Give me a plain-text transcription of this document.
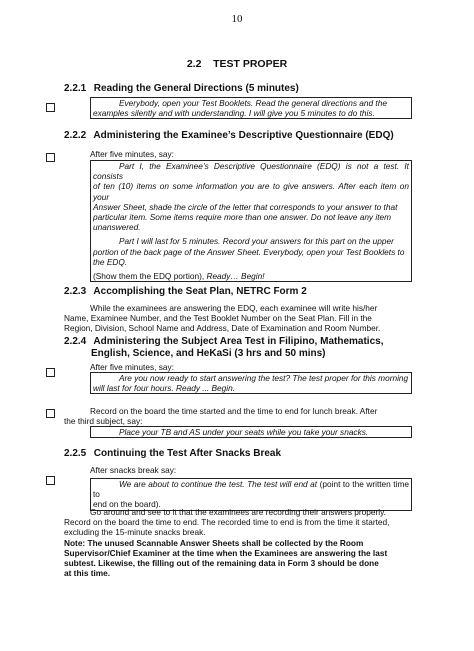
10
2.2    TEST PROPER
2.2.1 Reading the General Directions (5 minutes)

Everybody, open your Test Booklets. Read the general directions and the

examples silently and with understanding. I will give you 5 minutes to do this.

2.2.2 Administering the Examinee’s Descriptive Questionnaire (EDQ)
After five minutes, say:

Part I, the Examinee’s Descriptive Questionnaire (EDQ) is not a test. It consists

of ten (10) items on some information you are to give answers. After each item on your

Answer Sheet, shade the circle of the letter that corresponds to your answer to that

particular item. Some items require more than one answer. Do not leave any item

unanswered.

Part I will last for 5 minutes. Record your answers for this part on the upper

portion of the back page of the Answer Sheet. Everybody, open your Test Booklets to

the EDQ.

(Show them the EDQ portion), Ready… Begin!

2.2.3 Accomplishing the Seat Plan, NETRC Form 2

While the examinees are answering the EDQ, each examinee will write his/her

Name, Examinee Number, and the Test Booklet Number on the Seat Plan. Fill in the

Region, Division, School Name and Address, Date of Examination and Room Number.

2.2.4 Administering the Subject Area Test in Filipino, Mathematics,
English, Science, and HeKaSi (3 hrs and 50 mins)
After five minutes, say:

Are you now ready to start answering the test? The test proper for this morning

will last for four hours. Ready ... Begin.

Record on the board the time started and the time to end for lunch break. After

the third subject, say:

Place your TB and AS under your seats while you take your snacks.

2.2.5 Continuing the Test After Snacks Break
After snacks break say:

We are about to continue the test. The test will end at (point to the written time to

end on the board).

Go around and see to it that the examinees are recording their answers properly.

Record on the board the time to end. The recorded time to end is from the time it started,

excluding the 15-minute snacks break.

Note: The unused Scannable Answer Sheets shall be collected by the Room

Supervisor/Chief Examiner at the time when the Examinees are answering the last

subtest. Likewise, the filling out of the remaining data in Form 3 should be done

at this time.
